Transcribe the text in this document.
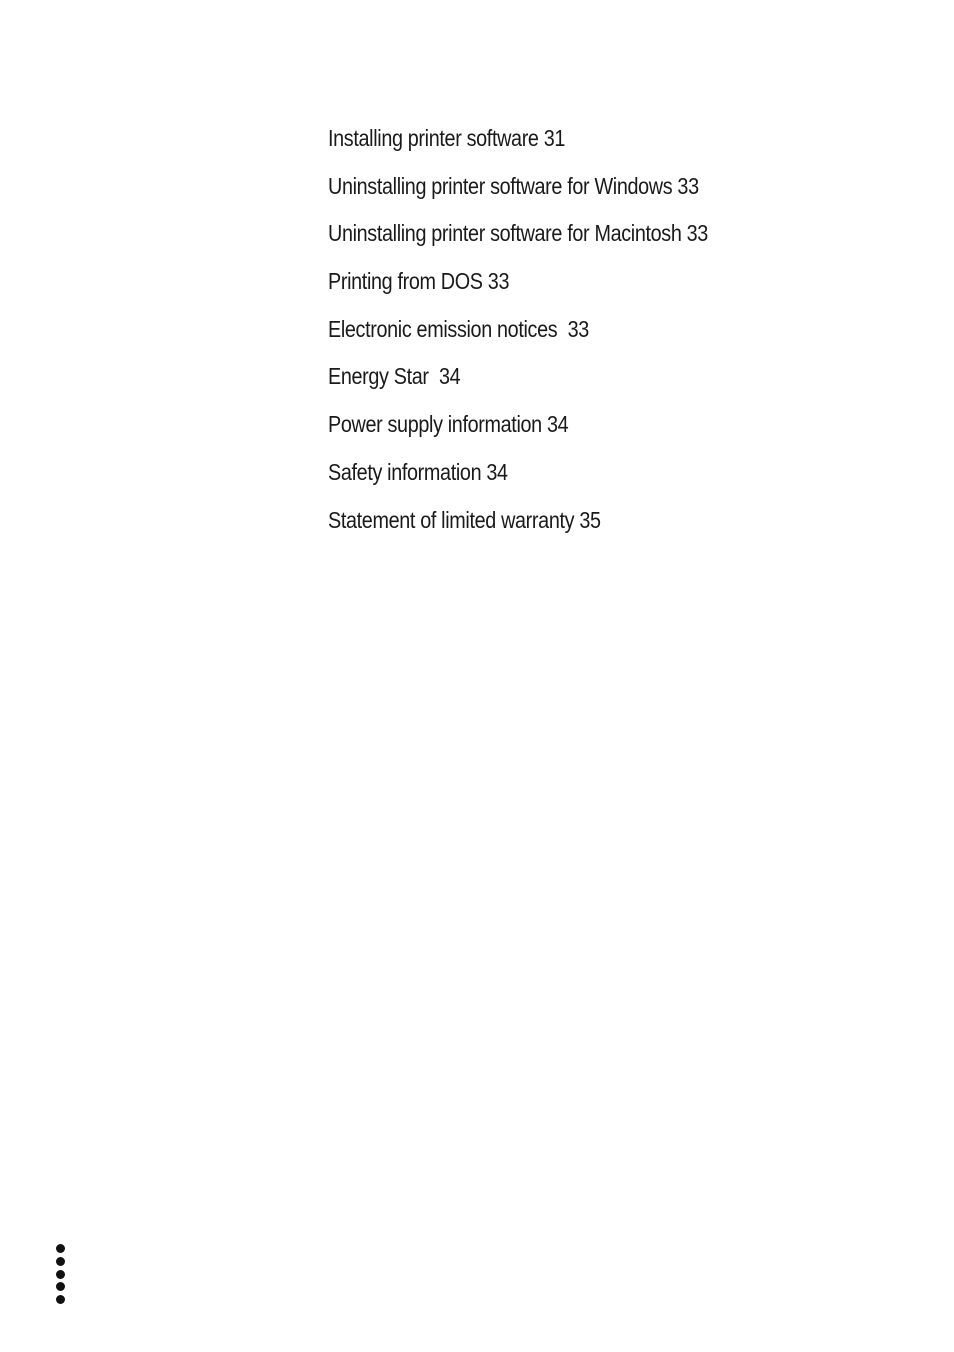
Installing printer software 31
Uninstalling printer software for Windows 33
Uninstalling printer software for Macintosh 33
Printing from DOS 33
Electronic emission notices  33
Energy Star  34
Power supply information 34
Safety information 34
Statement of limited warranty 35
